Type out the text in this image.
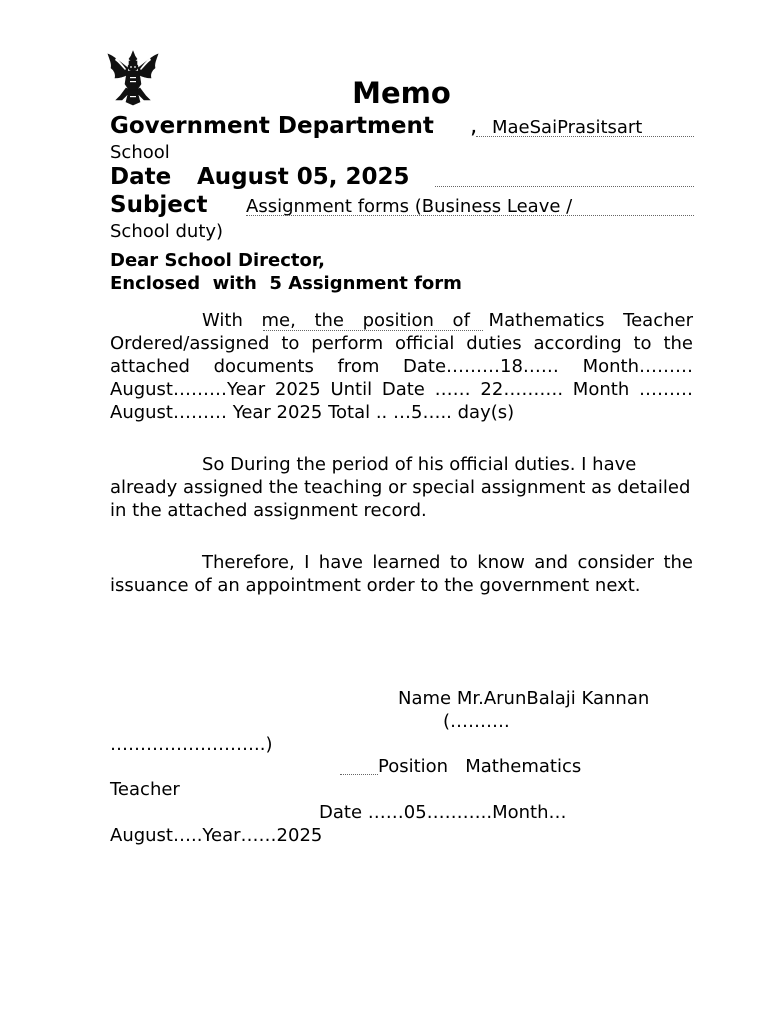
Memo
Government Department , MaeSaiPrasitsart
School
Date August 05, 2025
Subject Assignment forms (Business Leave /
School duty)
Dear School Director,
Enclosed  with  5 Assignment form
With me, the position of Mathematics Teacher Ordered/assigned to perform official duties according to the attached documents from Date………18…… Month………August………Year 2025 Until Date …… 22………. Month ………August……… Year 2025 Total .. …5….. day(s)
So During the period of his official duties. I have already assigned the teaching or special assignment as detailed in the attached assignment record.
Therefore, I have learned to know and consider the issuance of an appointment order to the government next.
Name Mr.ArunBalaji Kannan
(……….
……………………..)
Position   Mathematics
Teacher
Date ……05………..Month…
August…..Year……2025
